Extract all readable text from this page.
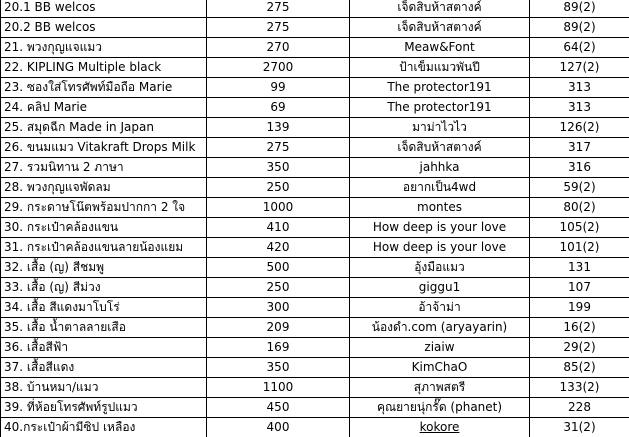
20.1 BB welcos	275	เจ็ดสิบห้าสตางค์	89(2)
20.2 BB welcos	275	เจ็ดสิบห้าสตางค์	89(2)
21. พวงกุญแจแมว	270	Meaw&Font	64(2)
22. KIPLING Multiple black	2700	ป้าเข็มแมวพันปี	127(2)
23. ซองใส่โทรศัพท์มือถือ Marie	99	The protector191	313
24. คลิป Marie	69	The protector191	313
25. สมุดฉีก Made in Japan	139	มาม่าไวไว	126(2)
26. ขนมแมว Vitakraft Drops Milk	275	เจ็ดสิบห้าสตางค์	317
27. รวมนิทาน 2 ภาษา	350	jahhka	316
28. พวงกุญแจพัดลม	250	อยากเป็น4wd	59(2)
29. กระดาษโน๊ตพร้อมปากกา 2 ใจ	1000	montes	80(2)
30. กระเป๋าคล้องแขน	410	How deep is your love	105(2)
31. กระเป๋าคล้องแขนลายน้องแยม	420	How deep is your love	101(2)
32. เสื้อ (ญ) สีชมพู	500	อุ้งมือแมว	131
33. เสื้อ (ญ) สีม่วง	250	giggu1	107
34. เสื้อ สีแดงมาโบโร่	300	อ้าจ้าม่า	199
35. เสื้อ น้ำตาลลายเสือ	209	น้องดำ.com (aryayarin)	16(2)
36. เสื้อสีฟ้า	169	ziaiw	29(2)
37. เสื้อสีแดง	350	KimChaO	85(2)
38. บ้านหมา/แมว	1100	สุภาพสตรี	133(2)
39. ที่ห้อยโทรศัพท์รูปแมว	450	คุณยายนุ่กรั๊ด (phanet)	228
40.กระเป๋าผ้ามีซิป เหลือง	400	kokore	31(2)
